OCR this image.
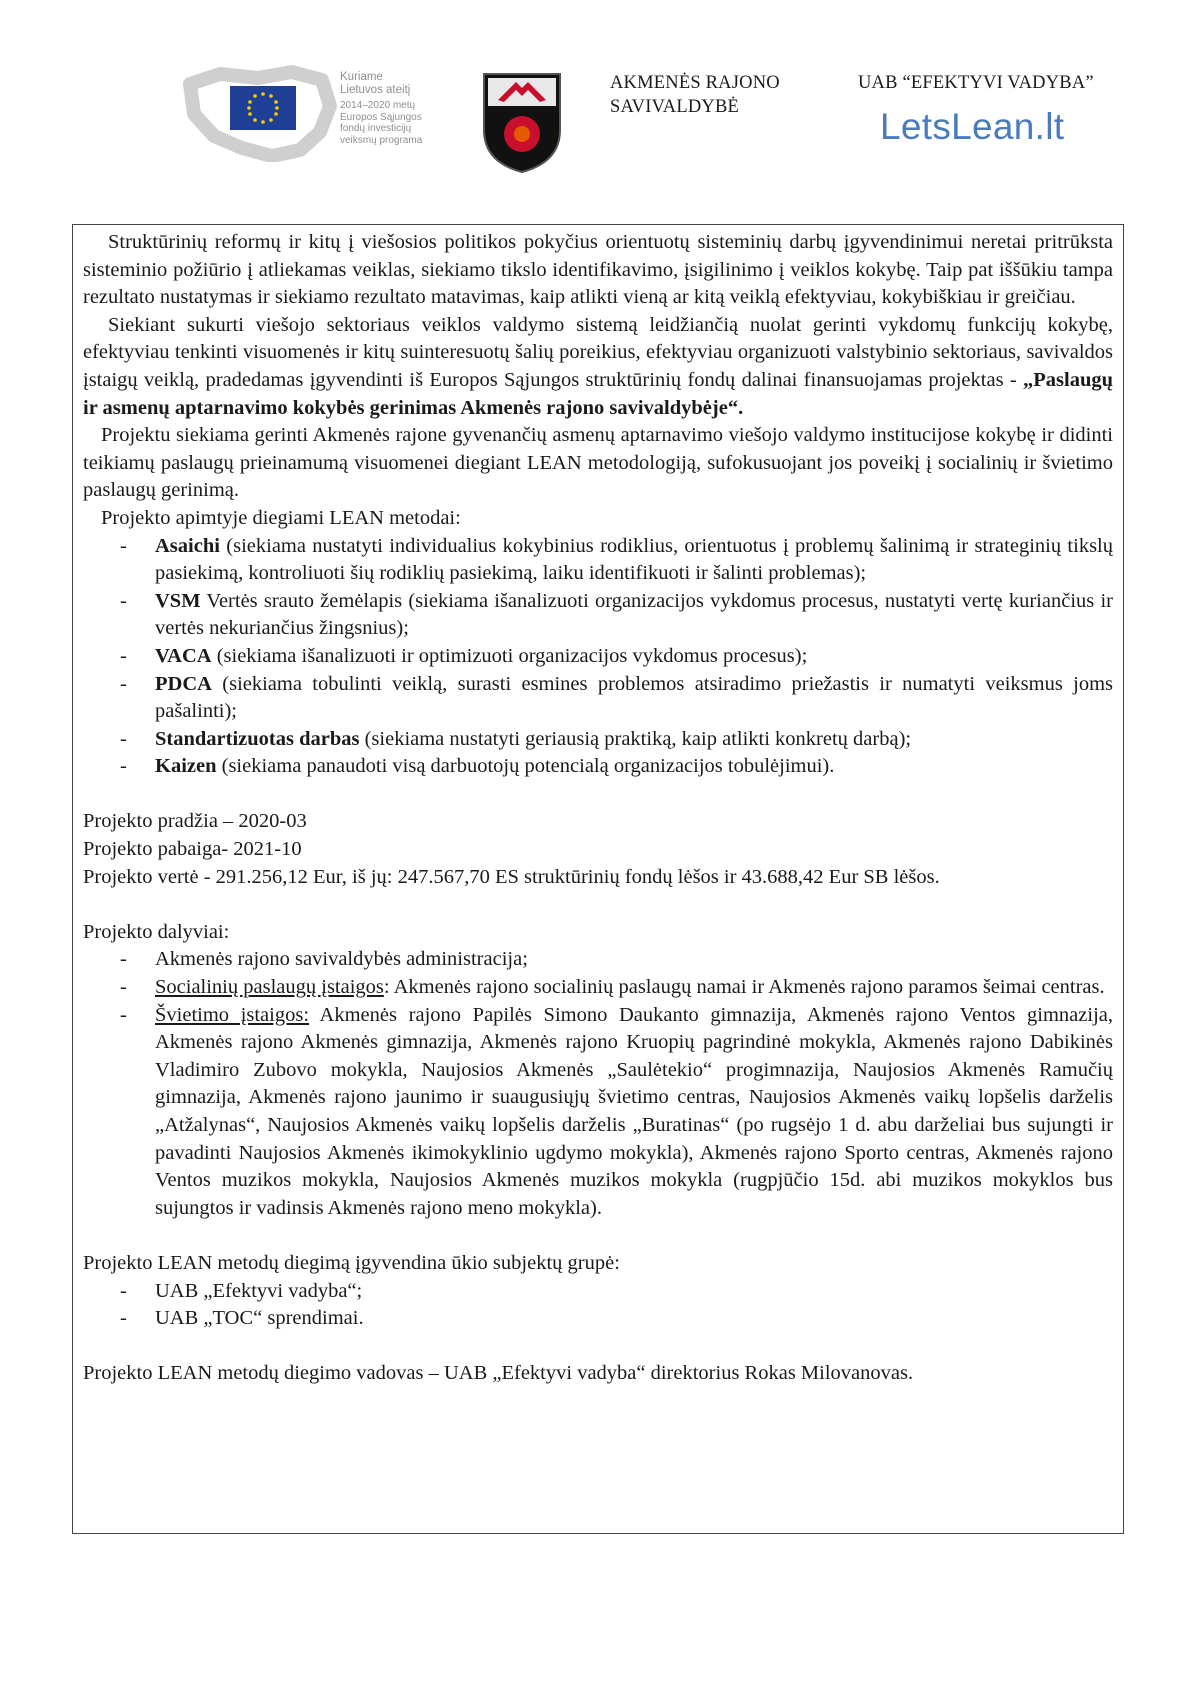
Kuriame
Lietuvos ateitį
2014–2020 metų
Europos Sąjungos
fondų investicijų
veiksmų programa
AKMENĖS RAJONO
SAVIVALDYBĖ
UAB “EFEKTYVI VADYBA”
LetsLean.lt

Struktūrinių reformų ir kitų į viešosios politikos pokyčius orientuotų sisteminių darbų įgyvendinimui neretai pritrūksta sisteminio požiūrio į atliekamas veiklas, siekiamo tikslo identifikavimo, įsigilinimo į veiklos kokybę. Taip pat iššūkiu tampa rezultato nustatymas ir siekiamo rezultato matavimas, kaip atlikti vieną ar kitą veiklą efektyviau, kokybiškiau ir greičiau.

Siekiant sukurti viešojo sektoriaus veiklos valdymo sistemą leidžiančią nuolat gerinti vykdomų funkcijų kokybę, efektyviau tenkinti visuomenės ir kitų suinteresuotų šalių poreikius, efektyviau organizuoti valstybinio sektoriaus, savivaldos įstaigų veiklą, pradedamas įgyvendinti iš Europos Sąjungos struktūrinių fondų dalinai finansuojamas projektas - „Paslaugų ir asmenų aptarnavimo kokybės gerinimas Akmenės rajono savivaldybėje“.

Projektu siekiama gerinti Akmenės rajone gyvenančių asmenų aptarnavimo viešojo valdymo institucijose kokybę ir didinti teikiamų paslaugų prieinamumą visuomenei diegiant LEAN metodologiją, sufokusuojant jos poveikį į socialinių ir švietimo paslaugų gerinimą.

Projekto apimtyje diegiami LEAN metodai:

- Asaichi (siekiama nustatyti individualius kokybinius rodiklius, orientuotus į problemų šalinimą ir strateginių tikslų pasiekimą, kontroliuoti šių rodiklių pasiekimą, laiku identifikuoti ir šalinti problemas);
- VSM Vertės srauto žemėlapis (siekiama išanalizuoti organizacijos vykdomus procesus, nustatyti vertę kuriančius ir vertės nekuriančius žingsnius);
- VACA (siekiama išanalizuoti ir optimizuoti organizacijos vykdomus procesus);
- PDCA (siekiama tobulinti veiklą, surasti esmines problemos atsiradimo priežastis ir numatyti veiksmus joms pašalinti);
- Standartizuotas darbas (siekiama nustatyti geriausią praktiką, kaip atlikti konkretų darbą);
- Kaizen (siekiama panaudoti visą darbuotojų potencialą organizacijos tobulėjimui).

Projekto pradžia – 2020-03

Projekto pabaiga- 2021-10

Projekto vertė - 291.256,12 Eur, iš jų: 247.567,70 ES struktūrinių fondų lėšos ir 43.688,42 Eur SB lėšos.

Projekto dalyviai:

- Akmenės rajono savivaldybės administracija;
- Socialinių paslaugų įstaigos: Akmenės rajono socialinių paslaugų namai ir Akmenės rajono paramos šeimai centras.
- Švietimo įstaigos: Akmenės rajono Papilės Simono Daukanto gimnazija, Akmenės rajono Ventos gimnazija, Akmenės rajono Akmenės gimnazija, Akmenės rajono Kruopių pagrindinė mokykla, Akmenės rajono Dabikinės Vladimiro Zubovo mokykla, Naujosios Akmenės „Saulėtekio“ progimnazija, Naujosios Akmenės Ramučių gimnazija, Akmenės rajono jaunimo ir suaugusiųjų švietimo centras, Naujosios Akmenės vaikų lopšelis darželis „Atžalynas“, Naujosios Akmenės vaikų lopšelis darželis „Buratinas“ (po rugsėjo 1 d. abu darželiai bus sujungti ir pavadinti Naujosios Akmenės ikimokyklinio ugdymo mokykla), Akmenės rajono Sporto centras, Akmenės rajono Ventos muzikos mokykla, Naujosios Akmenės muzikos mokykla (rugpjūčio 15d. abi muzikos mokyklos bus sujungtos ir vadinsis Akmenės rajono meno mokykla).

Projekto LEAN metodų diegimą įgyvendina ūkio subjektų grupė:

- UAB „Efektyvi vadyba“;
- UAB „TOC“ sprendimai.

Projekto LEAN metodų diegimo vadovas – UAB „Efektyvi vadyba“ direktorius Rokas Milovanovas.
